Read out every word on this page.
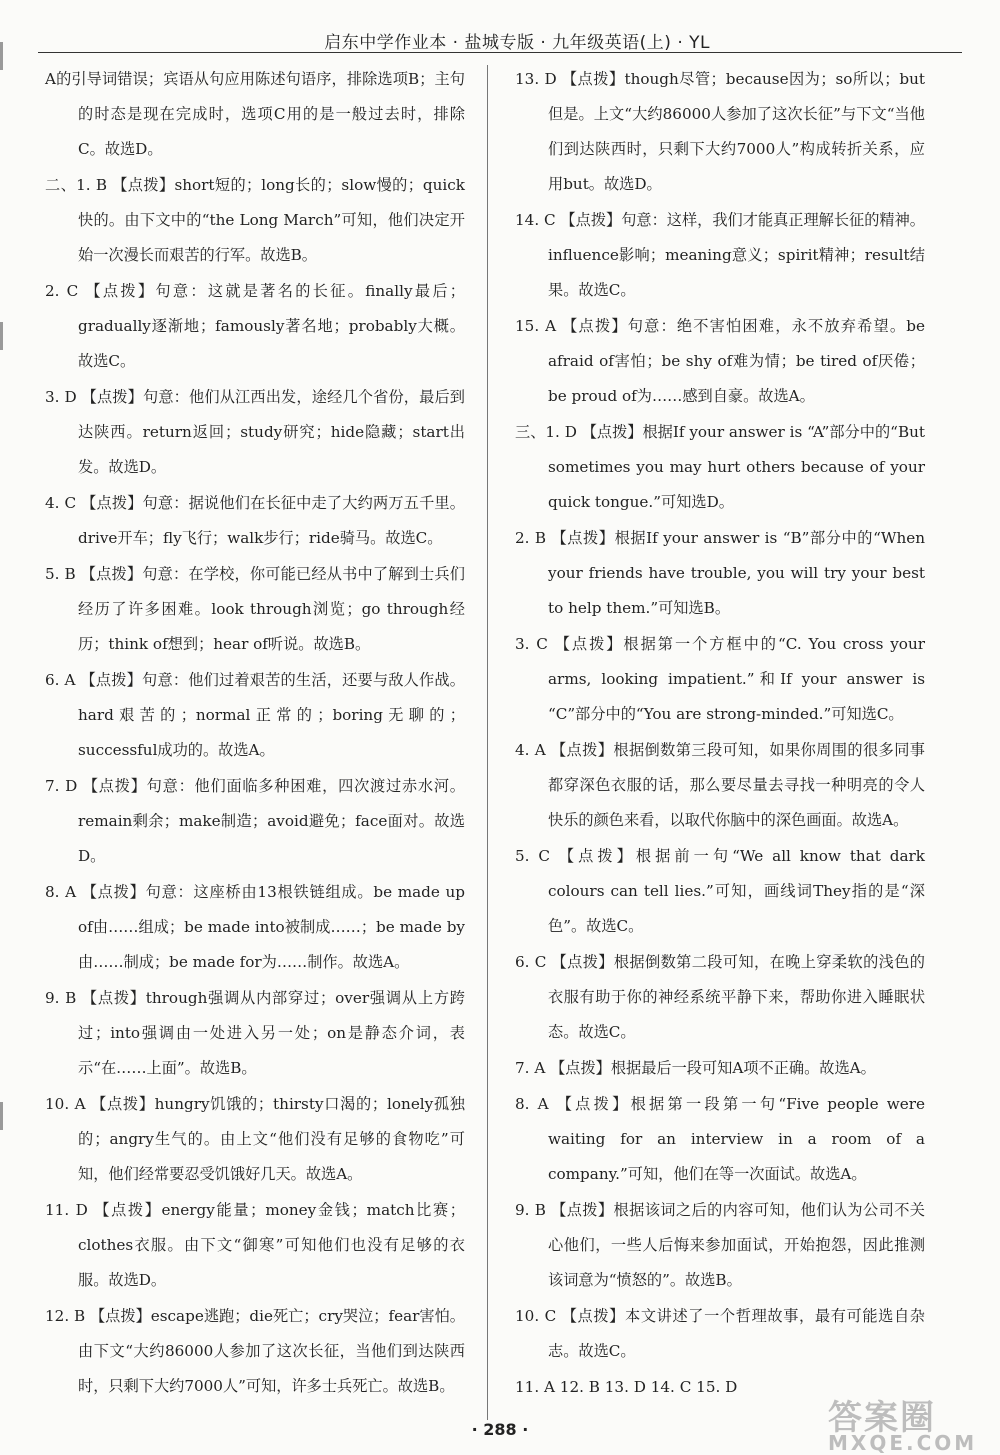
启东中学作业本 · 盐城专版 · 九年级英语(上) · YL
A的引导词错误；宾语从句应用陈述句语序，排除选项B；主句的时态是现在完成时，选项C用的是一般过去时，排除C。故选D。
二、1. B 【点拨】short短的；long长的；slow慢的；quick快的。由下文中的“the Long March”可知，他们决定开始一次漫长而艰苦的行军。故选B。
2. C 【点拨】句意：这就是著名的长征。finally最后；gradually逐渐地；famously著名地；probably大概。故选C。
3. D 【点拨】句意：他们从江西出发，途经几个省份，最后到达陕西。return返回；study研究；hide隐藏；start出发。故选D。
4. C 【点拨】句意：据说他们在长征中走了大约两万五千里。drive开车；fly飞行；walk步行；ride骑马。故选C。
5. B 【点拨】句意：在学校，你可能已经从书中了解到士兵们经历了许多困难。look through浏览；go through经历；think of想到；hear of听说。故选B。
6. A 【点拨】句意：他们过着艰苦的生活，还要与敌人作战。hard艰苦的；normal正常的；boring无聊的；successful成功的。故选A。
7. D 【点拨】句意：他们面临多种困难，四次渡过赤水河。remain剩余；make制造；avoid避免；face面对。故选D。
8. A 【点拨】句意：这座桥由13根铁链组成。be made up of由……组成；be made into被制成……；be made by由……制成；be made for为……制作。故选A。
9. B 【点拨】through强调从内部穿过；over强调从上方跨过；into强调由一处进入另一处；on是静态介词，表示“在……上面”。故选B。
10. A 【点拨】hungry饥饿的；thirsty口渴的；lonely孤独的；angry生气的。由上文“他们没有足够的食物吃”可知，他们经常要忍受饥饿好几天。故选A。
11. D 【点拨】energy能量；money金钱；match比赛；clothes衣服。由下文“御寒”可知他们也没有足够的衣服。故选D。
12. B 【点拨】escape逃跑；die死亡；cry哭泣；fear害怕。由下文“大约86000人参加了这次长征，当他们到达陕西时，只剩下大约7000人”可知，许多士兵死亡。故选B。
13. D 【点拨】though尽管；because因为；so所以；but但是。上文“大约86000人参加了这次长征”与下文“当他们到达陕西时，只剩下大约7000人”构成转折关系，应用but。故选D。
14. C 【点拨】句意：这样，我们才能真正理解长征的精神。influence影响；meaning意义；spirit精神；result结果。故选C。
15. A 【点拨】句意：绝不害怕困难，永不放弃希望。be afraid of害怕；be shy of难为情；be tired of厌倦；be proud of为……感到自豪。故选A。
三、1. D 【点拨】根据If your answer is “A”部分中的“But sometimes you may hurt others because of your quick tongue.”可知选D。
2. B 【点拨】根据If your answer is “B”部分中的“When your friends have trouble, you will try your best to help them.”可知选B。
3. C 【点拨】根据第一个方框中的“C. You cross your arms, looking impatient.”和If your answer is “C”部分中的“You are strong-minded.”可知选C。
4. A 【点拨】根据倒数第三段可知，如果你周围的很多同事都穿深色衣服的话，那么要尽量去寻找一种明亮的令人快乐的颜色来看，以取代你脑中的深色画面。故选A。
5. C 【点拨】根据前一句“We all know that dark colours can tell lies.”可知，画线词They指的是“深色”。故选C。
6. C 【点拨】根据倒数第二段可知，在晚上穿柔软的浅色的衣服有助于你的神经系统平静下来，帮助你进入睡眠状态。故选C。
7. A 【点拨】根据最后一段可知A项不正确。故选A。
8. A 【点拨】根据第一段第一句“Five people were waiting for an interview in a room of a company.”可知，他们在等一次面试。故选A。
9. B 【点拨】根据该词之后的内容可知，他们认为公司不关心他们，一些人后悔来参加面试，开始抱怨，因此推测该词意为“愤怒的”。故选B。
10. C 【点拨】本文讲述了一个哲理故事，最有可能选自杂志。故选C。
11. A 12. B 13. D 14. C 15. D
· 288 ·	答案圈
MXQE.COM
